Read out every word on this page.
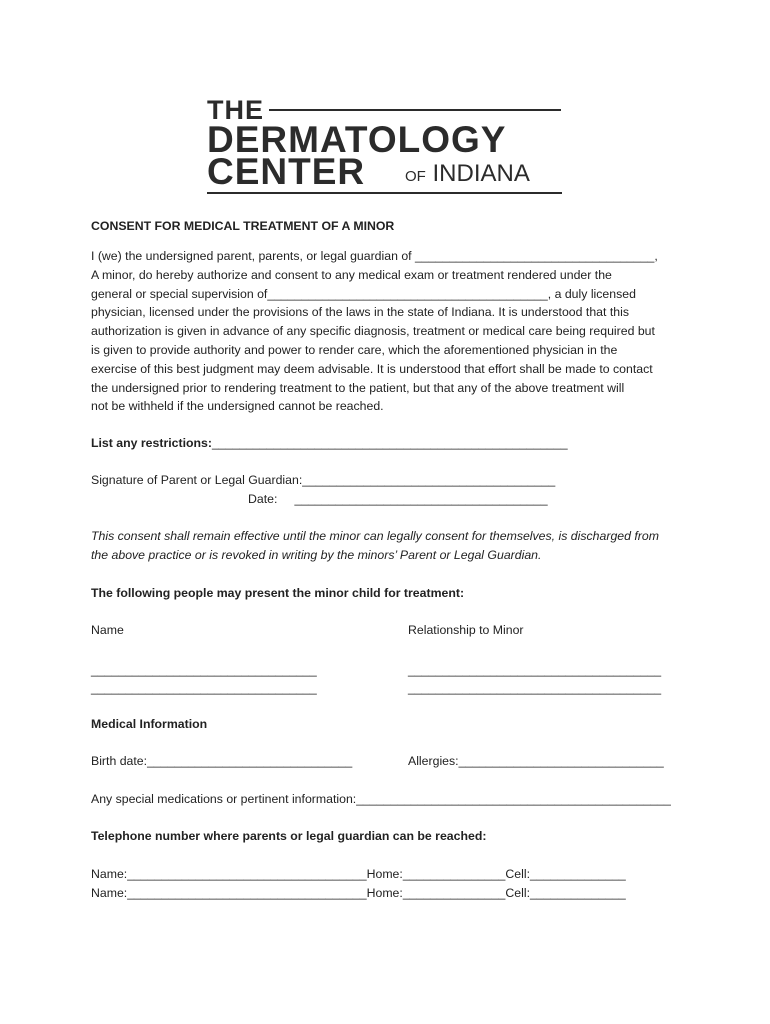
THE
DERMATOLOGY
CENTER	OF INDIANA
CONSENT FOR MEDICAL TREATMENT OF A MINOR
I (we) the undersigned parent, parents, or legal guardian of ___________________________________,
A minor, do hereby authorize and consent to any medical exam or treatment rendered under the
general or special supervision of_________________________________________, a duly licensed
physician, licensed under the provisions of the laws in the state of Indiana. It is understood that this
authorization is given in advance of any specific diagnosis, treatment or medical care being required but
is given to provide authority and power to render care, which the aforementioned physician in the
exercise of this best judgment may deem advisable. It is understood that effort shall be made to contact
the undersigned prior to rendering treatment to the patient, but that any of the above treatment will
not be withheld if the undersigned cannot be reached.
List any restrictions:____________________________________________________
Signature of Parent or Legal Guardian:_____________________________________
Date: _____________________________________
This consent shall remain effective until the minor can legally consent for themselves, is discharged from
the above practice or is revoked in writing by the minors’ Parent or Legal Guardian.
The following people may present the minor child for treatment:
Name	Relationship to Minor
_________________________________	_____________________________________
_________________________________	_____________________________________
Medical Information
Birth date:______________________________	Allergies:______________________________
Any special medications or pertinent information:______________________________________________
Telephone number where parents or legal guardian can be reached:
Name:___________________________________Home:_______________Cell:______________
Name:___________________________________Home:_______________Cell:______________
